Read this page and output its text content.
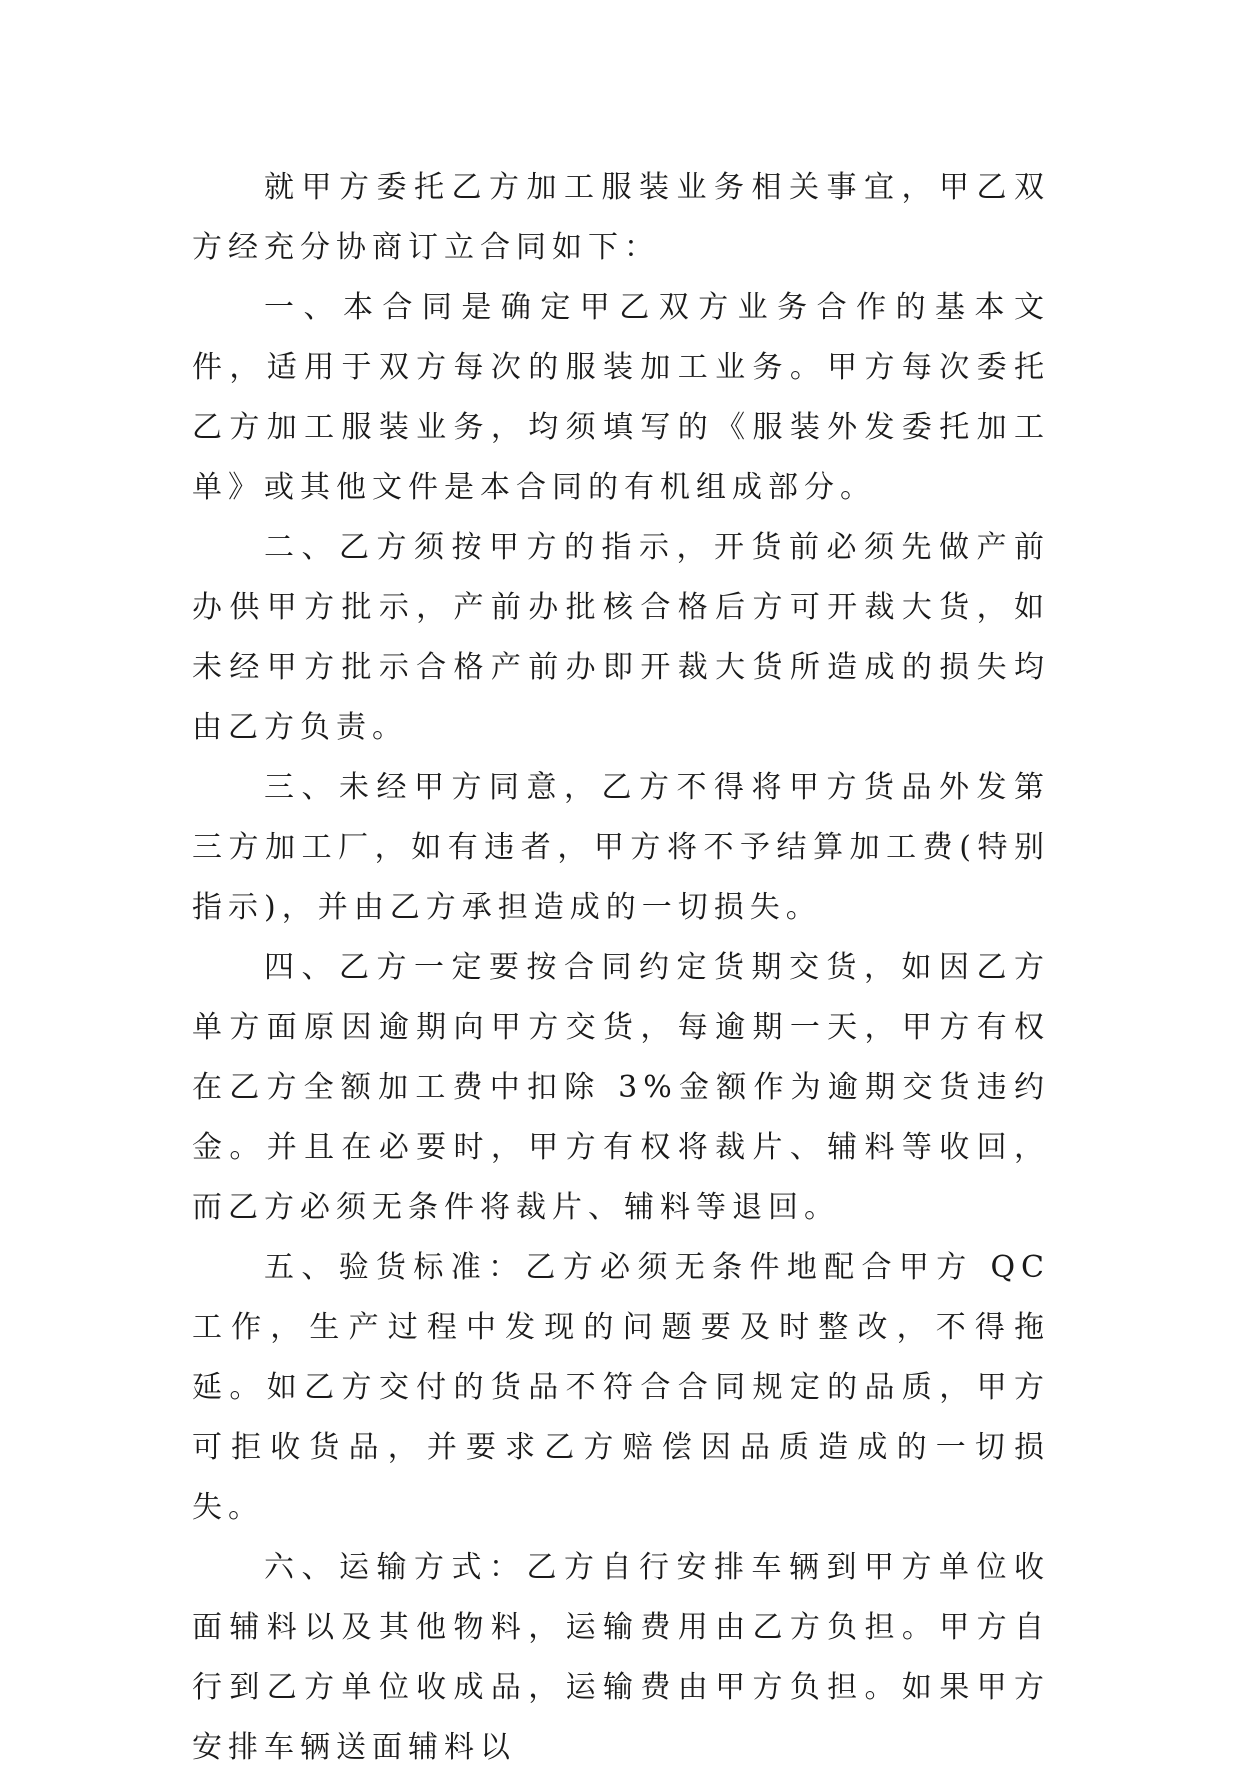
就甲方委托乙方加工服装业务相关事宜，甲乙双方经充分协商订立合同如下：

一、本合同是确定甲乙双方业务合作的基本文件，适用于双方每次的服装加工业务。甲方每次委托乙方加工服装业务，均须填写的《服装外发委托加工单》或其他文件是本合同的有机组成部分。

二、乙方须按甲方的指示，开货前必须先做产前办供甲方批示，产前办批核合格后方可开裁大货，如未经甲方批示合格产前办即开裁大货所造成的损失均由乙方负责。

三、未经甲方同意，乙方不得将甲方货品外发第三方加工厂，如有违者，甲方将不予结算加工费(特别指示)，并由乙方承担造成的一切损失。

四、乙方一定要按合同约定货期交货，如因乙方单方面原因逾期向甲方交货，每逾期一天，甲方有权在乙方全额加工费中扣除 3%金额作为逾期交货违约金。并且在必要时，甲方有权将裁片、辅料等收回，而乙方必须无条件将裁片、辅料等退回。

五、验货标准：乙方必须无条件地配合甲方 QC 工作，生产过程中发现的问题要及时整改，不得拖延。如乙方交付的货品不符合合同规定的品质，甲方可拒收货品，并要求乙方赔偿因品质造成的一切损失。

六、运输方式：乙方自行安排车辆到甲方单位收面辅料以及其他物料，运输费用由乙方负担。甲方自行到乙方单位收成品，运输费由甲方负担。如果甲方安排车辆送面辅料以
